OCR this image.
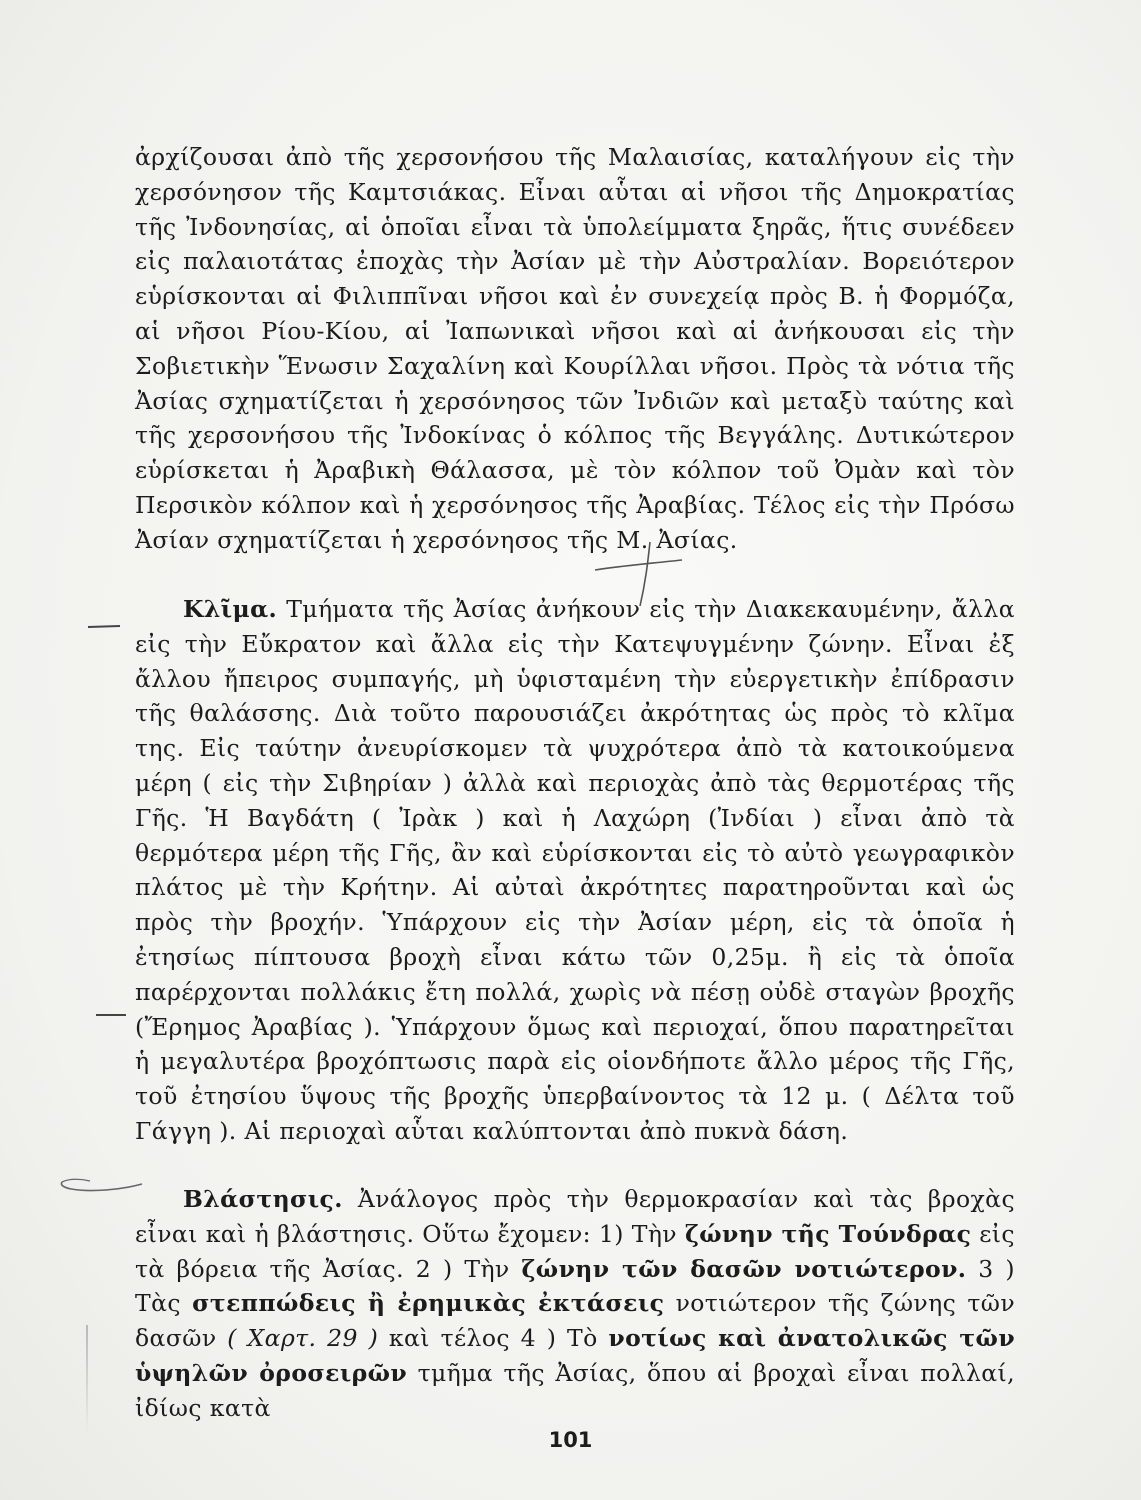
ἀρχίζουσαι ἀπὸ τῆς χερσονήσου τῆς Μαλαισίας, καταλήγουν εἰς τὴν χερσόνησον τῆς Καμτσιάκας. Εἶναι αὗται αἱ νῆσοι τῆς Δημοκρατίας τῆς Ἰνδονησίας, αἱ ὁποῖαι εἶναι τὰ ὑπολείμματα ξηρᾶς, ἥτις συνέδεεν εἰς παλαιοτάτας ἐποχὰς τὴν Ἀσίαν μὲ τὴν Αὐστραλίαν. Βορειότερον εὑρίσκονται αἱ Φιλιππῖναι νῆσοι καὶ ἐν συνεχείᾳ πρὸς Β. ἡ Φορμόζα, αἱ νῆσοι Ρίου-Κίου, αἱ Ἰαπωνικαὶ νῆσοι καὶ αἱ ἀνήκουσαι εἰς τὴν Σοβιετικὴν Ἕνωσιν Σαχαλίνη καὶ Κουρίλλαι νῆσοι. Πρὸς τὰ νότια τῆς Ἀσίας σχηματίζεται ἡ χερσόνησος τῶν Ἰνδιῶν καὶ μεταξὺ ταύτης καὶ τῆς χερσονήσου τῆς Ἰνδοκίνας ὁ κόλπος τῆς Βεγγάλης. Δυτικώτερον εὑρίσκεται ἡ Ἀραβικὴ Θάλασσα, μὲ τὸν κόλπον τοῦ Ὀμὰν καὶ τὸν Περσικὸν κόλπον καὶ ἡ χερσόνησος τῆς Ἀραβίας. Τέλος εἰς τὴν Πρόσω Ἀσίαν σχηματίζεται ἡ χερσόνησος τῆς Μ. Ἀσίας.

Κλῖμα. Τμήματα τῆς Ἀσίας ἀνήκουν εἰς τὴν Διακεκαυμένην, ἄλλα εἰς τὴν Εὔκρατον καὶ ἄλλα εἰς τὴν Κατεψυγμένην ζώνην. Εἶναι ἐξ ἄλλου ἤπειρος συμπαγής, μὴ ὑφισταμένη τὴν εὐεργετικὴν ἐπίδρασιν τῆς θαλάσσης. Διὰ τοῦτο παρουσιάζει ἀκρότητας ὡς πρὸς τὸ κλῖμα της. Εἰς ταύτην ἀνευρίσκομεν τὰ ψυχρότερα ἀπὸ τὰ κατοικούμενα μέρη ( εἰς τὴν Σιβηρίαν ) ἀλλὰ καὶ περιοχὰς ἀπὸ τὰς θερμοτέρας τῆς Γῆς. Ἡ Βαγδάτη ( Ἰρὰκ ) καὶ ἡ Λαχώρη (Ἰνδίαι ) εἶναι ἀπὸ τὰ θερμότερα μέρη τῆς Γῆς, ἂν καὶ εὑρίσκονται εἰς τὸ αὐτὸ γεωγραφικὸν πλάτος μὲ τὴν Κρήτην. Αἱ αὐταὶ ἀκρότητες παρατηροῦνται καὶ ὡς πρὸς τὴν βροχήν. Ὑπάρχουν εἰς τὴν Ἀσίαν μέρη, εἰς τὰ ὁποῖα ἡ ἐτησίως πίπτουσα βροχὴ εἶναι κάτω τῶν 0,25μ. ἢ εἰς τὰ ὁποῖα παρέρχονται πολλάκις ἔτη πολλά, χωρὶς νὰ πέσῃ οὐδὲ σταγὼν βροχῆς (Ἔρημος Ἀραβίας ). Ὑπάρχουν ὅμως καὶ περιοχαί, ὅπου παρατηρεῖται ἡ μεγαλυτέρα βροχόπτωσις παρὰ εἰς οἱονδήποτε ἄλλο μέρος τῆς Γῆς, τοῦ ἐτησίου ὕψους τῆς βροχῆς ὑπερβαίνοντος τὰ 12 μ. ( Δέλτα τοῦ Γάγγη ). Αἱ περιοχαὶ αὗται καλύπτονται ἀπὸ πυκνὰ δάση.

Βλάστησις. Ἀνάλογος πρὸς τὴν θερμοκρασίαν καὶ τὰς βροχὰς εἶναι καὶ ἡ βλάστησις. Οὕτω ἔχομεν: 1) Τὴν ζώνην τῆς Τούνδρας εἰς τὰ βόρεια τῆς Ἀσίας. 2 ) Τὴν ζώνην τῶν δασῶν νοτιώτερον. 3 ) Τὰς στεππώδεις ἢ ἐρημικὰς ἐκτάσεις νοτιώτερον τῆς ζώνης τῶν δασῶν ( Χαρτ. 29 ) καὶ τέλος 4 ) Τὸ νοτίως καὶ ἀνατολικῶς τῶν ὑψηλῶν ὀροσειρῶν τμῆμα τῆς Ἀσίας, ὅπου αἱ βροχαὶ εἶναι πολλαί, ἰδίως κατὰ

101
